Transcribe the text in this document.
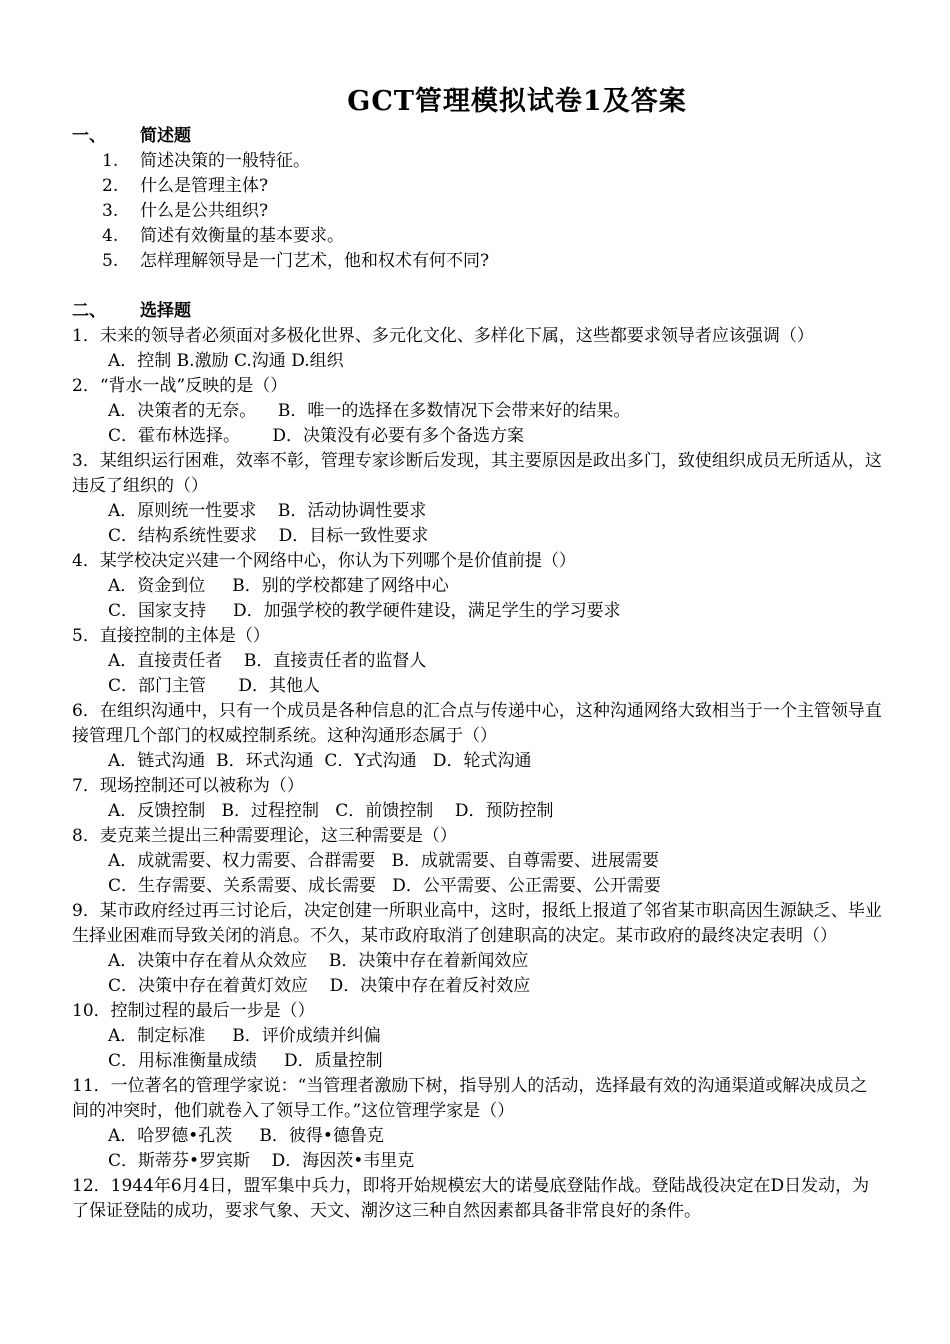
GCT管理模拟试卷1及答案
一、 简述题
1. 简述决策的一般特征。
2. 什么是管理主体?
3. 什么是公共组织?
4. 简述有效衡量的基本要求。
5. 怎样理解领导是一门艺术，他和权术有何不同?
二、 选择题
1．未来的领导者必须面对多极化世界、多元化文化、多样化下属，这些都要求领导者应该强调（）
A．控制 B.激励 C.沟通 D.组织
2．“背水一战”反映的是（）
A．决策者的无奈。    B．唯一的选择在多数情况下会带来好的结果。
C．霍布林选择。      D．决策没有必要有多个备选方案
3．某组织运行困难，效率不彰，管理专家诊断后发现，其主要原因是政出多门，致使组织成员无所适从，这违反了组织的（）
A．原则统一性要求    B．活动协调性要求
C．结构系统性要求    D．目标一致性要求
4．某学校决定兴建一个网络中心，你认为下列哪个是价值前提（）
A．资金到位     B．别的学校都建了网络中心
C．国家支持     D．加强学校的教学硬件建设，满足学生的学习要求
5．直接控制的主体是（）
A．直接责任者    B．直接责任者的监督人
C．部门主管      D．其他人
6．在组织沟通中，只有一个成员是各种信息的汇合点与传递中心，这种沟通网络大致相当于一个主管领导直接管理几个部门的权威控制系统。这种沟通形态属于（）
A．链式沟通  B．环式沟通  C．Y式沟通   D．轮式沟通
7．现场控制还可以被称为（）
A．反馈控制   B．过程控制   C．前馈控制    D．预防控制
8．麦克莱兰提出三种需要理论，这三种需要是（）
A．成就需要、权力需要、合群需要   B．成就需要、自尊需要、进展需要
C．生存需要、关系需要、成长需要   D．公平需要、公正需要、公开需要
9．某市政府经过再三讨论后，决定创建一所职业高中，这时，报纸上报道了邻省某市职高因生源缺乏、毕业生择业困难而导致关闭的消息。不久，某市政府取消了创建职高的决定。某市政府的最终决定表明（）
A．决策中存在着从众效应    B．决策中存在着新闻效应
C．决策中存在着黄灯效应    D．决策中存在着反衬效应
10．控制过程的最后一步是（）
A．制定标准     B．评价成绩并纠偏
C．用标准衡量成绩     D．质量控制
11．一位著名的管理学家说：“当管理者激励下树，指导别人的活动，选择最有效的沟通渠道或解决成员之间的冲突时，他们就卷入了领导工作。”这位管理学家是（）
A．哈罗德•孔茨     B．彼得•德鲁克
C．斯蒂芬•罗宾斯    D．海因茨•韦里克
12．1944年6月4日，盟军集中兵力，即将开始规模宏大的诺曼底登陆作战。登陆战役决定在D日发动，为了保证登陆的成功，要求气象、天文、潮汐这三种自然因素都具备非常良好的条件。
